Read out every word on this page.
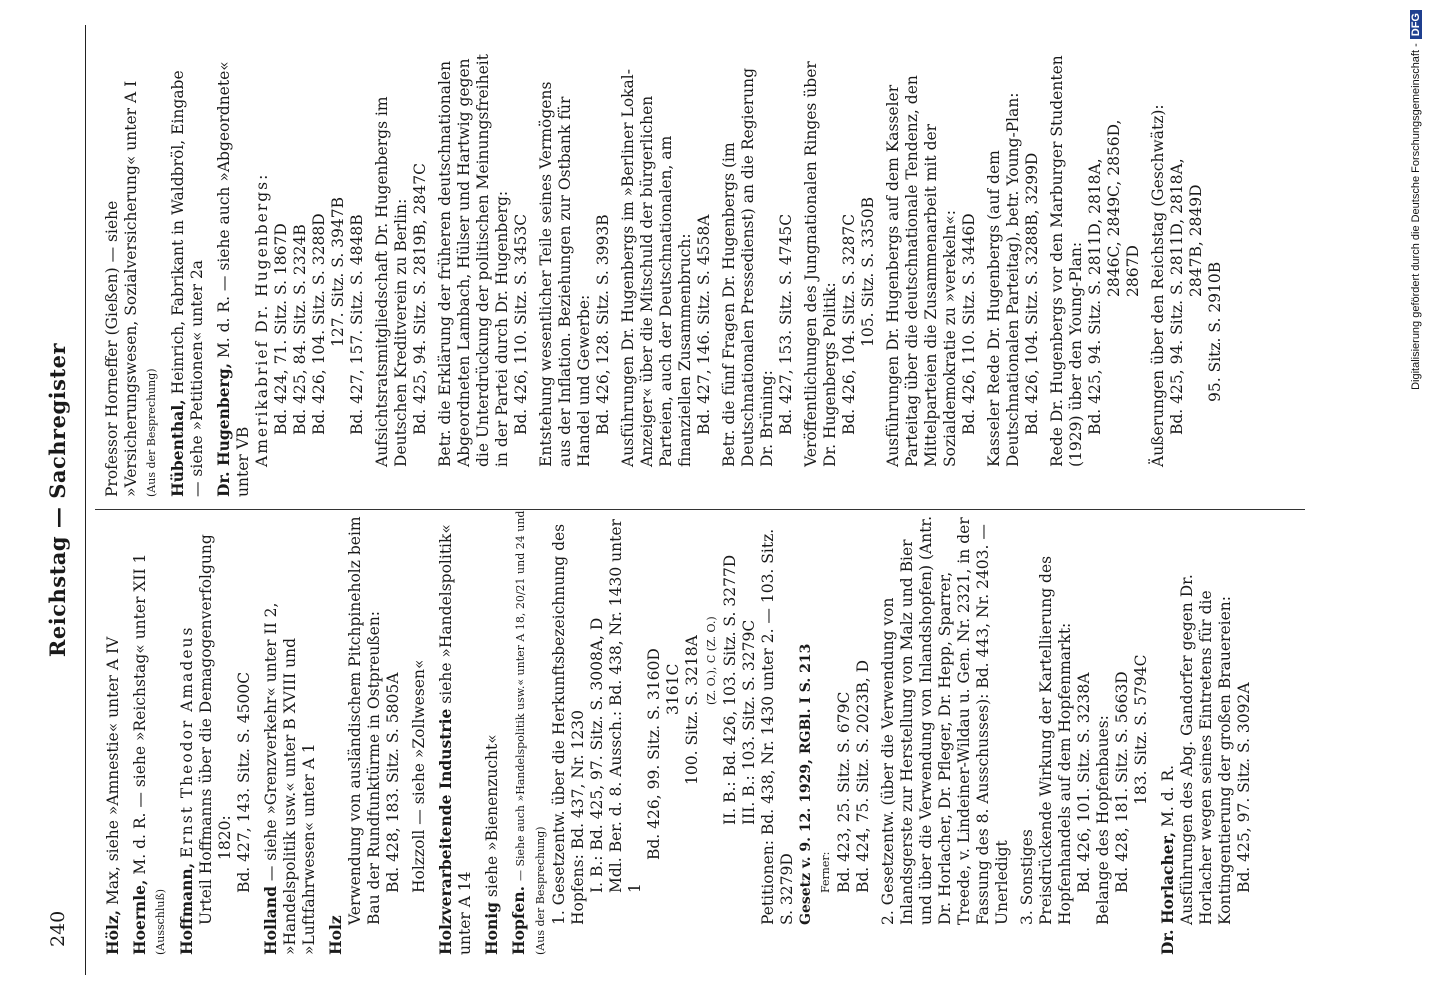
240
Reichstag — Sachregister
Hölz, Max, siehe »Amnestie« unter A IV
Hoernle, M. d. R. — siehe »Reichstag« unter XII 1
(Ausschluß) Hoffmann, Ernst Theodor Amadeus
Urteil Hoffmanns über die Demagogenverfolgung
1820:
Bd. 427, 143. Sitz. S. 4500C
Holland — siehe »Grenzverkehr« unter II 2, »Handelspolitik usw.« unter B XVIII und »Luftfahrwesen« unter A 1 Holz

Verwendung von ausländischem Pitchpineholz beim Bau der Rundfunktürme in Ostpreußen: Bd. 428, 183. Sitz. S. 5805A Holzzoll — siehe »Zollwesen« Holzverarbeitende Industrie siehe »Handelspolitik« unter A 14 Honig siehe »Bienenzucht«
Hopfen. — Siehe auch »Handelspolitik usw.« unter A 18, 20/21 und 24 und (Aus der Besprechung) 1. Gesetzentw. über die Herkunftsbezeichnung des Hopfens: Bd. 437, Nr. 1230 I. B.: Bd. 425, 97. Sitz. S. 3008A, D Mdl. Ber. d. 8. Aussch.: Bd. 438, Nr. 1430 unter 1
Bd. 426, 99. Sitz. S. 3160D 3161C 100. Sitz. S. 3218A (Z. O.), C (Z. O.) II. B.: Bd. 426, 103. Sitz. S. 3277D III. B.: 103. Sitz. S. 3279C Petitionen: Bd. 438, Nr. 1430 unter 2. — 103. Sitz. S. 3279D Gesetz v. 9. 12. 1929, RGBl. I S. 213 Ferner: Bd. 423, 25. Sitz. S. 679C Bd. 424, 75. Sitz. S. 2023B, D 2. Gesetzentw. (über die Verwendung von Inlandsgerste zur Herstellung von Malz und Bier und über die Verwendung von Inlandshopfen) (Antr. Dr. Horlacher, Dr. Pfleger, Dr. Hepp, Sparrer, Treede, v. Lindeiner-Wildau u. Gen. Nr. 2321, in der Fassung des 8. Ausschusses): Bd. 443, Nr. 2403. — Unerledigt 3. Sonstiges Preisdrückende Wirkung der Kartellierung des Hopfenhandels auf dem Hopfenmarkt: Bd. 426, 101. Sitz. S. 3238A Belange des Hopfenbaues: Bd. 428, 181. Sitz. S. 5663D 183. Sitz. S. 5794C
Dr. Horlacher, M. d. R. Ausführungen des Abg. Gandorfer gegen Dr. Horlacher wegen seines Eintretens für die Kontingentierung der großen Brauereien: Bd. 425, 97. Sitz. S. 3092A
Professor Horneffer (Gießen) — siehe »Versicherungswesen, Sozialversicherung« unter A I (Aus der Besprechung) Hübenthal, Heinrich, Fabrikant in Waldbröl, Eingabe — siehe »Petitionen« unter 2a Dr. Hugenberg, M. d. R. — siehe auch »Abgeordnete« unter VB Amerikabrief Dr. Hugenbergs: Bd. 424, 71. Sitz. S. 1867D Bd. 425, 84. Sitz. S. 2324B Bd. 426, 104. Sitz. S. 3288D 127. Sitz. S. 3947B Bd. 427, 157. Sitz. S. 4848B Aufsichtsratsmitgliedschaft Dr. Hugenbergs im Deutschen Kreditverein zu Berlin: Bd. 425, 94. Sitz. S. 2819B, 2847C Betr. die Erklärung der früheren deutschnationalen Abgeordneten Lambach, Hülser und Hartwig gegen die Unterdrückung der politischen Meinungsfreiheit in der Partei durch Dr. Hugenberg: Bd. 426, 110. Sitz. S. 3453C Entstehung wesentlicher Teile seines Vermögens aus der Inflation. Beziehungen zur Ostbank für Handel und Gewerbe: Bd. 426, 128. Sitz. S. 3993B Ausführungen Dr. Hugenbergs im »Berliner Lokal-Anzeiger« über die Mitschuld der bürgerlichen Parteien, auch der Deutschnationalen, am finanziellen Zusammenbruch: Bd. 427, 146. Sitz. S. 4558A Betr. die fünf Fragen Dr. Hugenbergs (im Deutschnationalen Pressedienst) an die Regierung Dr. Brüning: Bd. 427, 153. Sitz. S. 4745C Veröffentlichungen des Jungnationalen Ringes über Dr. Hugenbergs Politik: Bd. 426, 104. Sitz. S. 3287C 105. Sitz. S. 3350B Ausführungen Dr. Hugenbergs auf dem Kasseler Parteitag über die deutschnationale Tendenz, den Mittelparteien die Zusammenarbeit mit der Sozialdemokratie zu »verekeln«: Bd. 426, 110. Sitz. S. 3446D Kasseler Rede Dr. Hugenbergs (auf dem Deutschnationalen Parteitag), betr. Young-Plan: Bd. 426, 104. Sitz. S. 3288B, 3299D Rede Dr. Hugenbergs vor den Marburger Studenten (1929) über den Young-Plan: Bd. 425, 94. Sitz. S. 2811D, 2818A, 2846C, 2849C, 2856D, 2867D Äußerungen über den Reichstag (Geschwätz): Bd. 425, 94. Sitz. S. 2811D, 2818A, 2847B, 2849D
95. Sitz. S. 2910B	Digitalisierung gefördert durch die Deutsche Forschungsgemeinschaft -DFG
